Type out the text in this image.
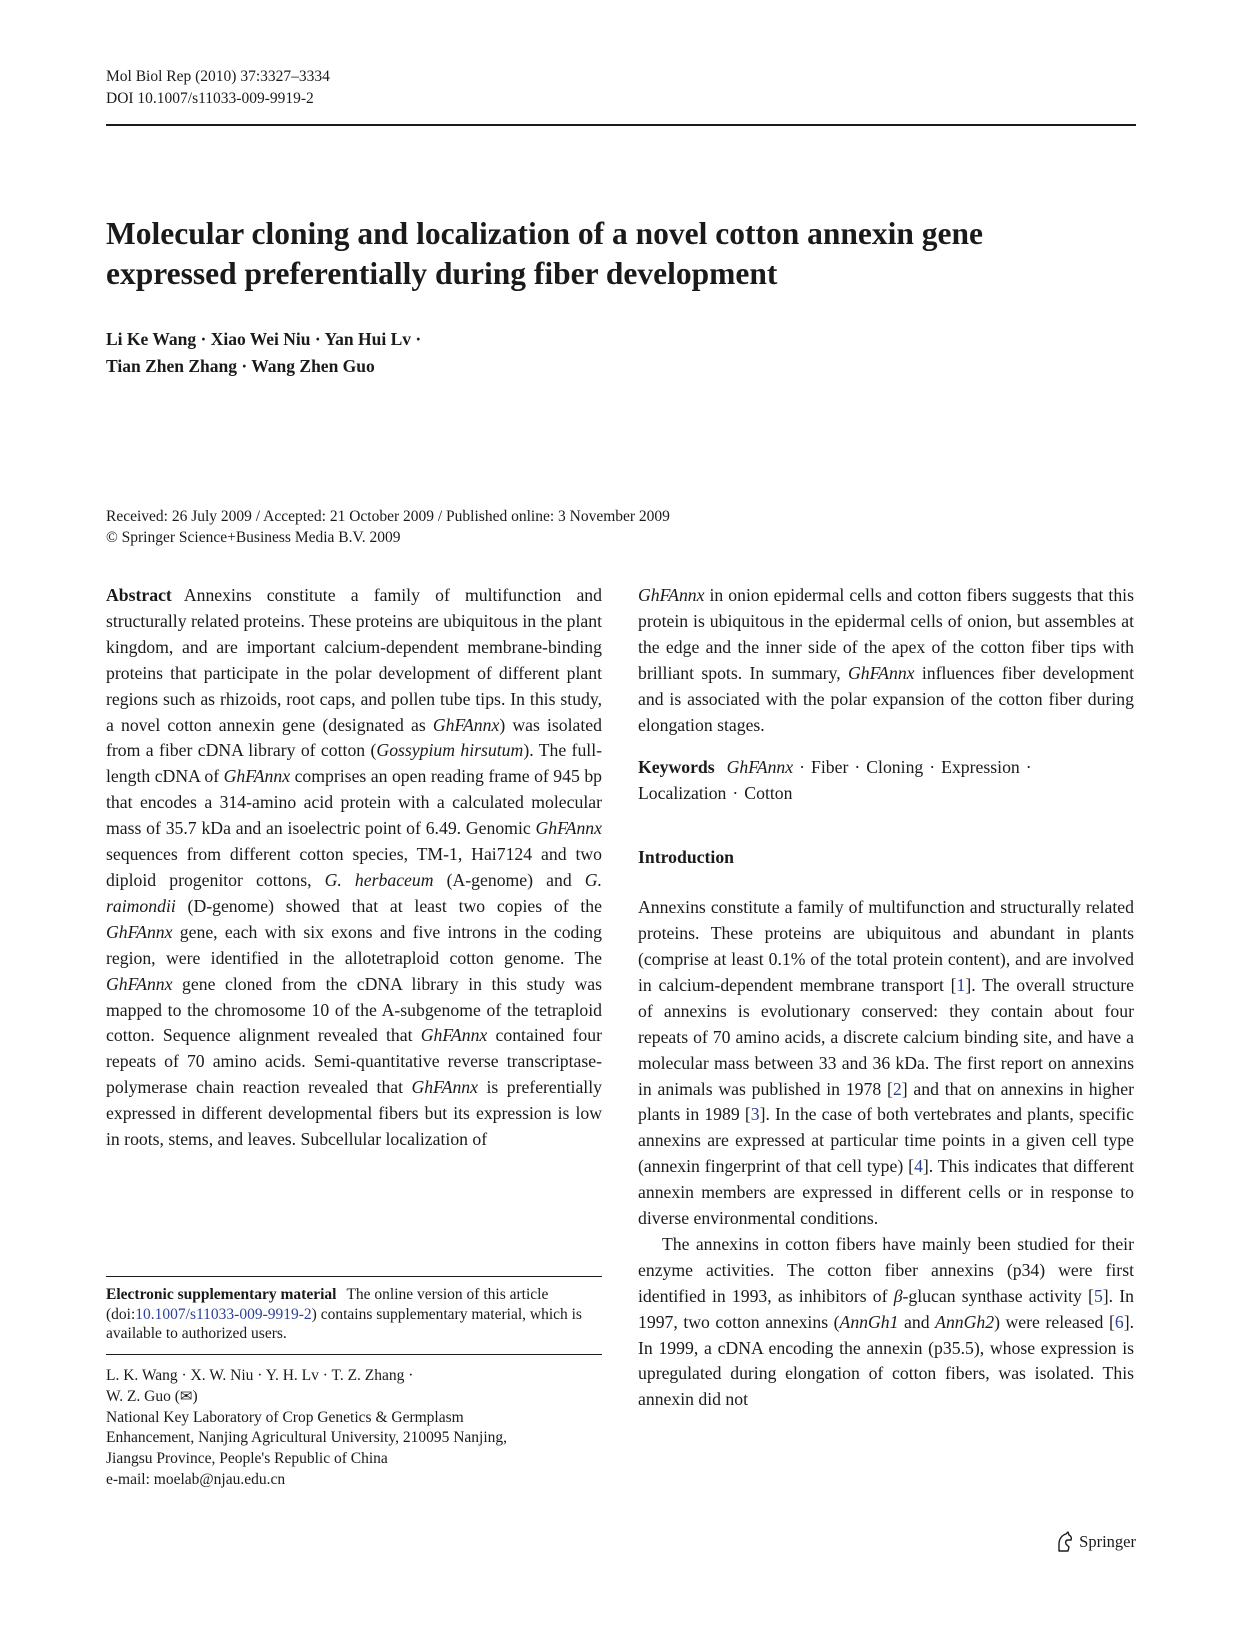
Mol Biol Rep (2010) 37:3327–3334
DOI 10.1007/s11033-009-9919-2
Molecular cloning and localization of a novel cotton annexin gene
expressed preferentially during fiber development
Li Ke Wang · Xiao Wei Niu · Yan Hui Lv ·
Tian Zhen Zhang · Wang Zhen Guo
Received: 26 July 2009 / Accepted: 21 October 2009 / Published online: 3 November 2009
© Springer Science+Business Media B.V. 2009

Abstract Annexins constitute a family of multifunction and structurally related proteins. These proteins are ubiquitous in the plant kingdom, and are important calcium-dependent membrane-binding proteins that participate in the polar development of different plant regions such as rhizoids, root caps, and pollen tube tips. In this study, a novel cotton annexin gene (designated as GhFAnnx) was isolated from a fiber cDNA library of cotton (Gossypium hirsutum). The full-length cDNA of GhFAnnx comprises an open reading frame of 945 bp that encodes a 314-amino acid protein with a calculated molecular mass of 35.7 kDa and an isoelectric point of 6.49. Genomic GhFAnnx sequences from different cotton species, TM-1, Hai7124 and two diploid progenitor cottons, G. herbaceum (A-genome) and G. raimondii (D-genome) showed that at least two copies of the GhFAnnx gene, each with six exons and five introns in the coding region, were identified in the allotetraploid cotton genome. The GhFAnnx gene cloned from the cDNA library in this study was mapped to the chromosome 10 of the A-subgenome of the tetraploid cotton. Sequence alignment revealed that GhFAnnx contained four repeats of 70 amino acids. Semi-quantitative reverse transcriptase-polymerase chain reaction revealed that GhFAnnx is preferentially expressed in different developmental fibers but its expression is low in roots, stems, and leaves. Subcellular localization of

GhFAnnx in onion epidermal cells and cotton fibers suggests that this protein is ubiquitous in the epidermal cells of onion, but assembles at the edge and the inner side of the apex of the cotton fiber tips with brilliant spots. In summary, GhFAnnx influences fiber development and is associated with the polar expansion of the cotton fiber during elongation stages.

Keywords GhFAnnx · Fiber · Cloning · Expression ·
Localization · Cotton

Introduction

Annexins constitute a family of multifunction and structurally related proteins. These proteins are ubiquitous and abundant in plants (comprise at least 0.1% of the total protein content), and are involved in calcium-dependent membrane transport [1]. The overall structure of annexins is evolutionary conserved: they contain about four repeats of 70 amino acids, a discrete calcium binding site, and have a molecular mass between 33 and 36 kDa. The first report on annexins in animals was published in 1978 [2] and that on annexins in higher plants in 1989 [3]. In the case of both vertebrates and plants, specific annexins are expressed at particular time points in a given cell type (annexin fingerprint of that cell type) [4]. This indicates that different annexin members are expressed in different cells or in response to diverse environmental conditions.

The annexins in cotton fibers have mainly been studied for their enzyme activities. The cotton fiber annexins (p34) were first identified in 1993, as inhibitors of β-glucan synthase activity [5]. In 1997, two cotton annexins (AnnGh1 and AnnGh2) were released [6]. In 1999, a cDNA encoding the annexin (p35.5), whose expression is upregulated during elongation of cotton fibers, was isolated. This annexin did not

Electronic supplementary material The online version of this article (doi:10.1007/s11033-009-9919-2) contains supplementary material, which is available to authorized users.
L. K. Wang · X. W. Niu · Y. H. Lv · T. Z. Zhang ·
W. Z. Guo (✉)
National Key Laboratory of Crop Genetics & Germplasm
Enhancement, Nanjing Agricultural University, 210095 Nanjing,
Jiangsu Province, People's Republic of China
e-mail: moelab@njau.edu.cn
Springer
